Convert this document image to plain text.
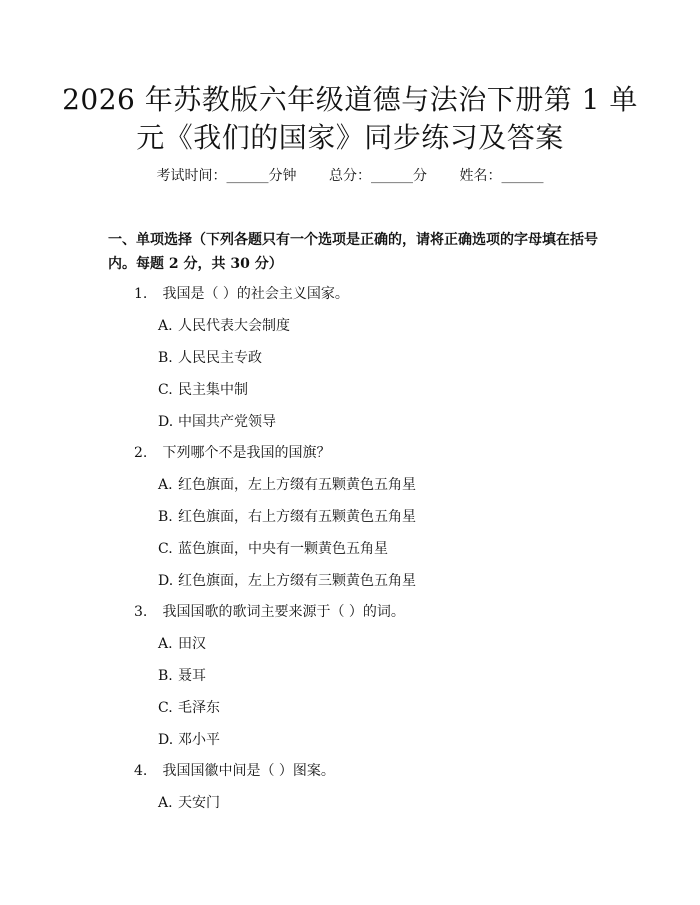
2026 年苏教版六年级道德与法治下册第 1 单
元《我们的国家》同步练习及答案
考试时间：______分钟 总分：______分 姓名：______
一、单项选择（下列各题只有一个选项是正确的，请将正确选项的字母填在括号内。每题 2 分，共 30 分）
1. 我国是（ ）的社会主义国家。
A. 人民代表大会制度
B. 人民民主专政
C. 民主集中制
D. 中国共产党领导
2. 下列哪个不是我国的国旗？
A. 红色旗面，左上方缀有五颗黄色五角星
B. 红色旗面，右上方缀有五颗黄色五角星
C. 蓝色旗面，中央有一颗黄色五角星
D. 红色旗面，左上方缀有三颗黄色五角星
3. 我国国歌的歌词主要来源于（ ）的词。
A. 田汉
B. 聂耳
C. 毛泽东
D. 邓小平
4. 我国国徽中间是（ ）图案。
A. 天安门
